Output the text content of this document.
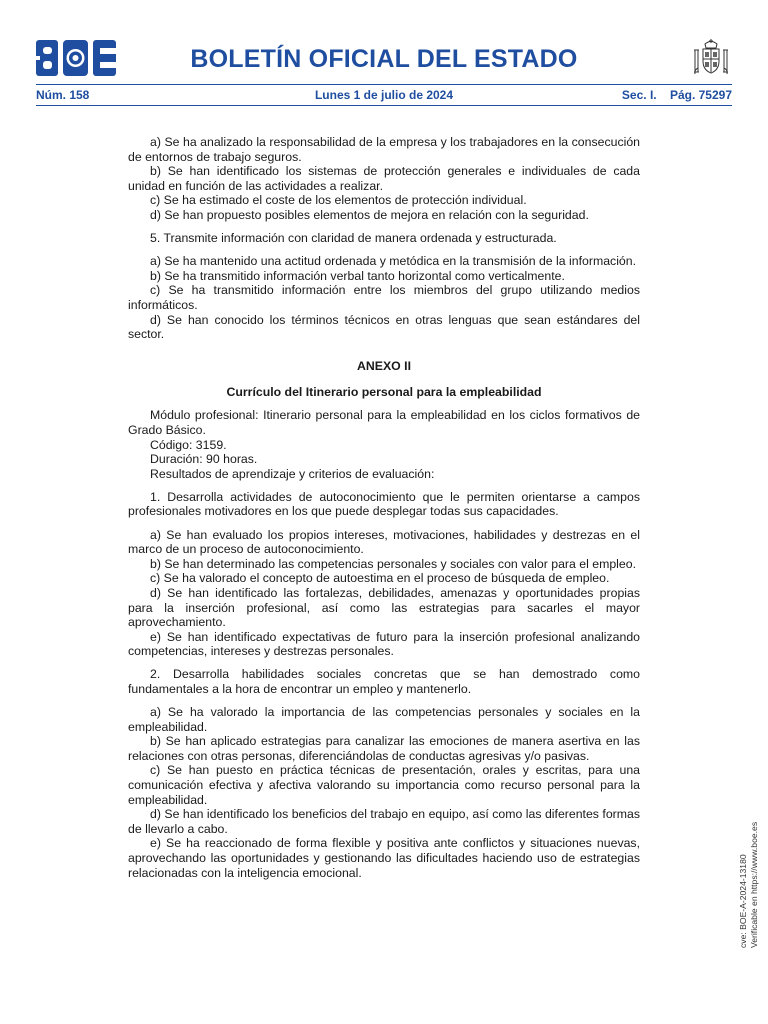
BOLETÍN OFICIAL DEL ESTADO
Núm. 158	Lunes 1 de julio de 2024	Sec. I. Pág. 75297

a) Se ha analizado la responsabilidad de la empresa y los trabajadores en la consecución de entornos de trabajo seguros.

b) Se han identificado los sistemas de protección generales e individuales de cada unidad en función de las actividades a realizar.

c) Se ha estimado el coste de los elementos de protección individual.

d) Se han propuesto posibles elementos de mejora en relación con la seguridad.

5. Transmite información con claridad de manera ordenada y estructurada.

a) Se ha mantenido una actitud ordenada y metódica en la transmisión de la información.

b) Se ha transmitido información verbal tanto horizontal como verticalmente.

c) Se ha transmitido información entre los miembros del grupo utilizando medios informáticos.

d) Se han conocido los términos técnicos en otras lenguas que sean estándares del sector.

ANEXO II

Currículo del Itinerario personal para la empleabilidad

Módulo profesional: Itinerario personal para la empleabilidad en los ciclos formativos de Grado Básico.

Código: 3159.

Duración: 90 horas.

Resultados de aprendizaje y criterios de evaluación:

1. Desarrolla actividades de autoconocimiento que le permiten orientarse a campos profesionales motivadores en los que puede desplegar todas sus capacidades.

a) Se han evaluado los propios intereses, motivaciones, habilidades y destrezas en el marco de un proceso de autoconocimiento.

b) Se han determinado las competencias personales y sociales con valor para el empleo.

c) Se ha valorado el concepto de autoestima en el proceso de búsqueda de empleo.

d) Se han identificado las fortalezas, debilidades, amenazas y oportunidades propias para la inserción profesional, así como las estrategias para sacarles el mayor aprovechamiento.

e) Se han identificado expectativas de futuro para la inserción profesional analizando competencias, intereses y destrezas personales.

2. Desarrolla habilidades sociales concretas que se han demostrado como fundamentales a la hora de encontrar un empleo y mantenerlo.

a) Se ha valorado la importancia de las competencias personales y sociales en la empleabilidad.

b) Se han aplicado estrategias para canalizar las emociones de manera asertiva en las relaciones con otras personas, diferenciándolas de conductas agresivas y/o pasivas.

c) Se han puesto en práctica técnicas de presentación, orales y escritas, para una comunicación efectiva y afectiva valorando su importancia como recurso personal para la empleabilidad.

d) Se han identificado los beneficios del trabajo en equipo, así como las diferentes formas de llevarlo a cabo.

e) Se ha reaccionado de forma flexible y positiva ante conflictos y situaciones nuevas, aprovechando las oportunidades y gestionando las dificultades haciendo uso de estrategias relacionadas con la inteligencia emocional.	cve: BOE-A-2024-13180 Verificable en https://www.boe.es
